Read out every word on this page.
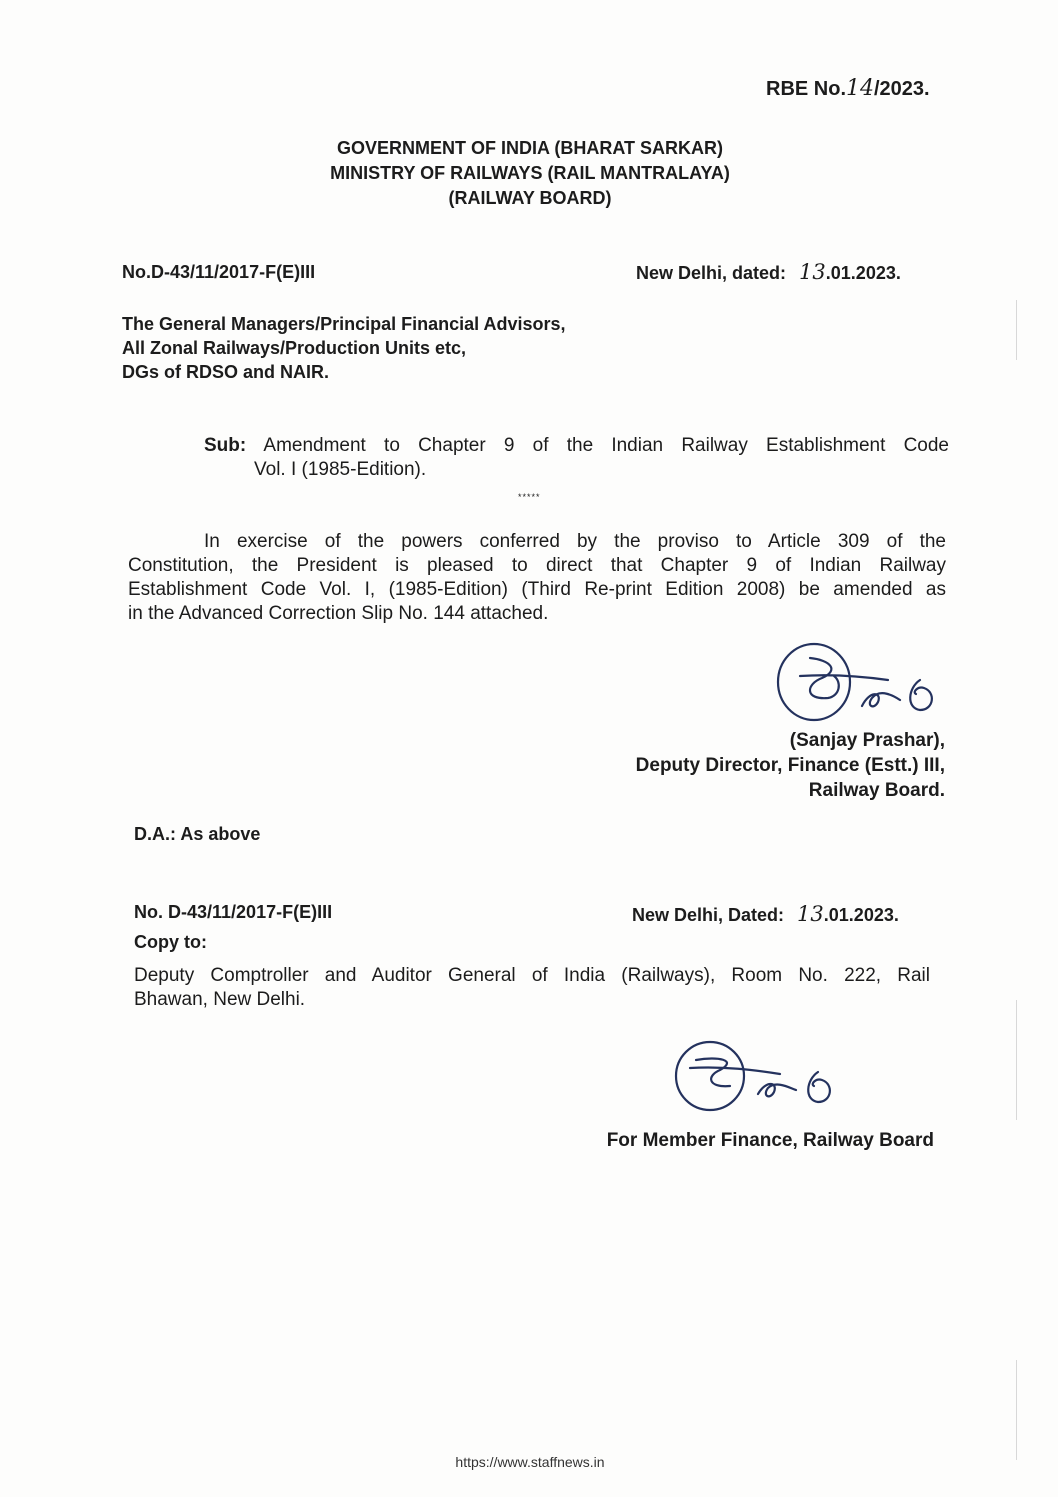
RBE No.14/2023.
GOVERNMENT OF INDIA (BHARAT SARKAR)
MINISTRY OF RAILWAYS (RAIL MANTRALAYA)
(RAILWAY BOARD)
No.D-43/11/2017-F(E)III	New Delhi, dated: 13.01.2023.
The General Managers/Principal Financial Advisors,
All Zonal Railways/Production Units etc,
DGs of RDSO and NAIR.
Sub: Amendment to Chapter 9 of the Indian Railway Establishment Code
Vol. I (1985-Edition).
*****
In exercise of the powers conferred by the proviso to Article 309 of the
Constitution, the President is pleased to direct that Chapter 9 of Indian Railway
Establishment Code Vol. I, (1985-Edition) (Third Re-print Edition 2008) be amended as
in the Advanced Correction Slip No. 144 attached.
(Sanjay Prashar),
Deputy Director, Finance (Estt.) III,
Railway Board.
D.A.: As above
No. D-43/11/2017-F(E)III	New Delhi, Dated: 13.01.2023.
Copy to:
Deputy Comptroller and Auditor General of India (Railways), Room No. 222, Rail
Bhawan, New Delhi.
For Member Finance, Railway Board
https://www.staffnews.in
